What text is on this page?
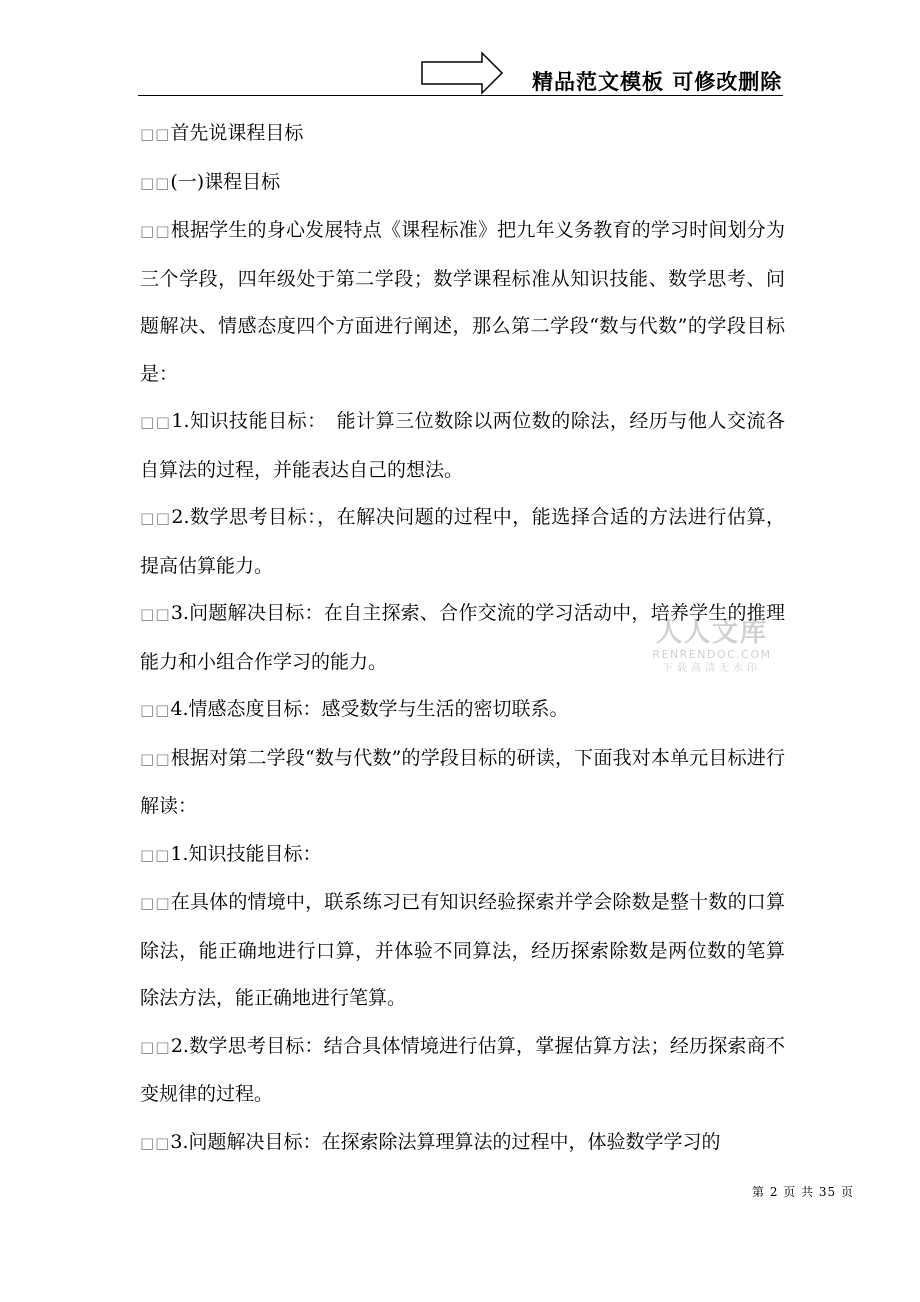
精品范文模板 可修改删除

□□ 首先说课程目标

□□ (一)课程目标

□□ 根据学生的身心发展特点《课程标准》把九年义务教育的学习时间划分为三个学段，四年级处于第二学段；数学课程标准从知识技能、数学思考、问题解决、情感态度四个方面进行阐述，那么第二学段“数与代数”的学段目标是：

□□ 1.知识技能目标：　能计算三位数除以两位数的除法，经历与他人交流各自算法的过程，并能表达自己的想法。

□□ 2.数学思考目标：，在解决问题的过程中，能选择合适的方法进行估算，提高估算能力。

□□ 3.问题解决目标：在自主探索、合作交流的学习活动中，培养学生的推理能力和小组合作学习的能力。

□□ 4.情感态度目标：感受数学与生活的密切联系。

□□ 根据对第二学段“数与代数”的学段目标的研读，下面我对本单元目标进行解读：

□□ 1.知识技能目标：

□□ 在具体的情境中，联系练习已有知识经验探索并学会除数是整十数的口算除法，能正确地进行口算，并体验不同算法，经历探索除数是两位数的笔算除法方法，能正确地进行笔算。

□□ 2.数学思考目标：结合具体情境进行估算，掌握估算方法；经历探索商不变规律的过程。

□□ 3.问题解决目标：在探索除法算理算法的过程中，体验数学学习的

人人文库
RENRENDOC.COM
下载高清无水印
第 2 页 共 35 页
